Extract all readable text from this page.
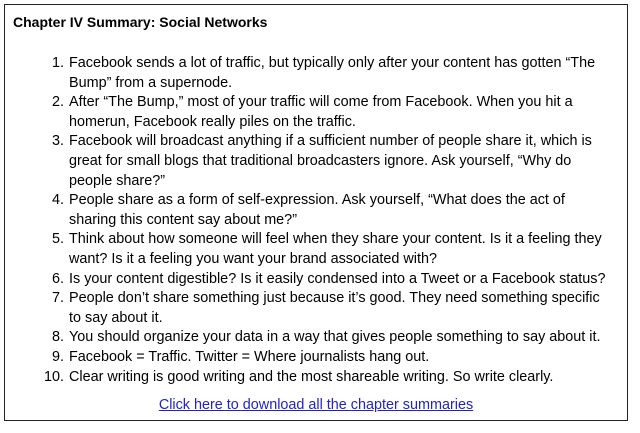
Chapter IV Summary: Social Networks
1. Facebook sends a lot of traffic, but typically only after your content has gotten “The Bump” from a supernode.
2. After “The Bump,” most of your traffic will come from Facebook. When you hit a homerun, Facebook really piles on the traffic.
3. Facebook will broadcast anything if a sufficient number of people share it, which is great for small blogs that traditional broadcasters ignore. Ask yourself, “Why do people share?”
4. People share as a form of self-expression. Ask yourself, “What does the act of sharing this content say about me?”
5. Think about how someone will feel when they share your content. Is it a feeling they want? Is it a feeling you want your brand associated with?
6. Is your content digestible? Is it easily condensed into a Tweet or a Facebook status?
7. People don’t share something just because it’s good. They need something specific to say about it.
8. You should organize your data in a way that gives people something to say about it.
9. Facebook = Traffic. Twitter = Where journalists hang out.
10. Clear writing is good writing and the most shareable writing. So write clearly.
Click here to download all the chapter summaries
